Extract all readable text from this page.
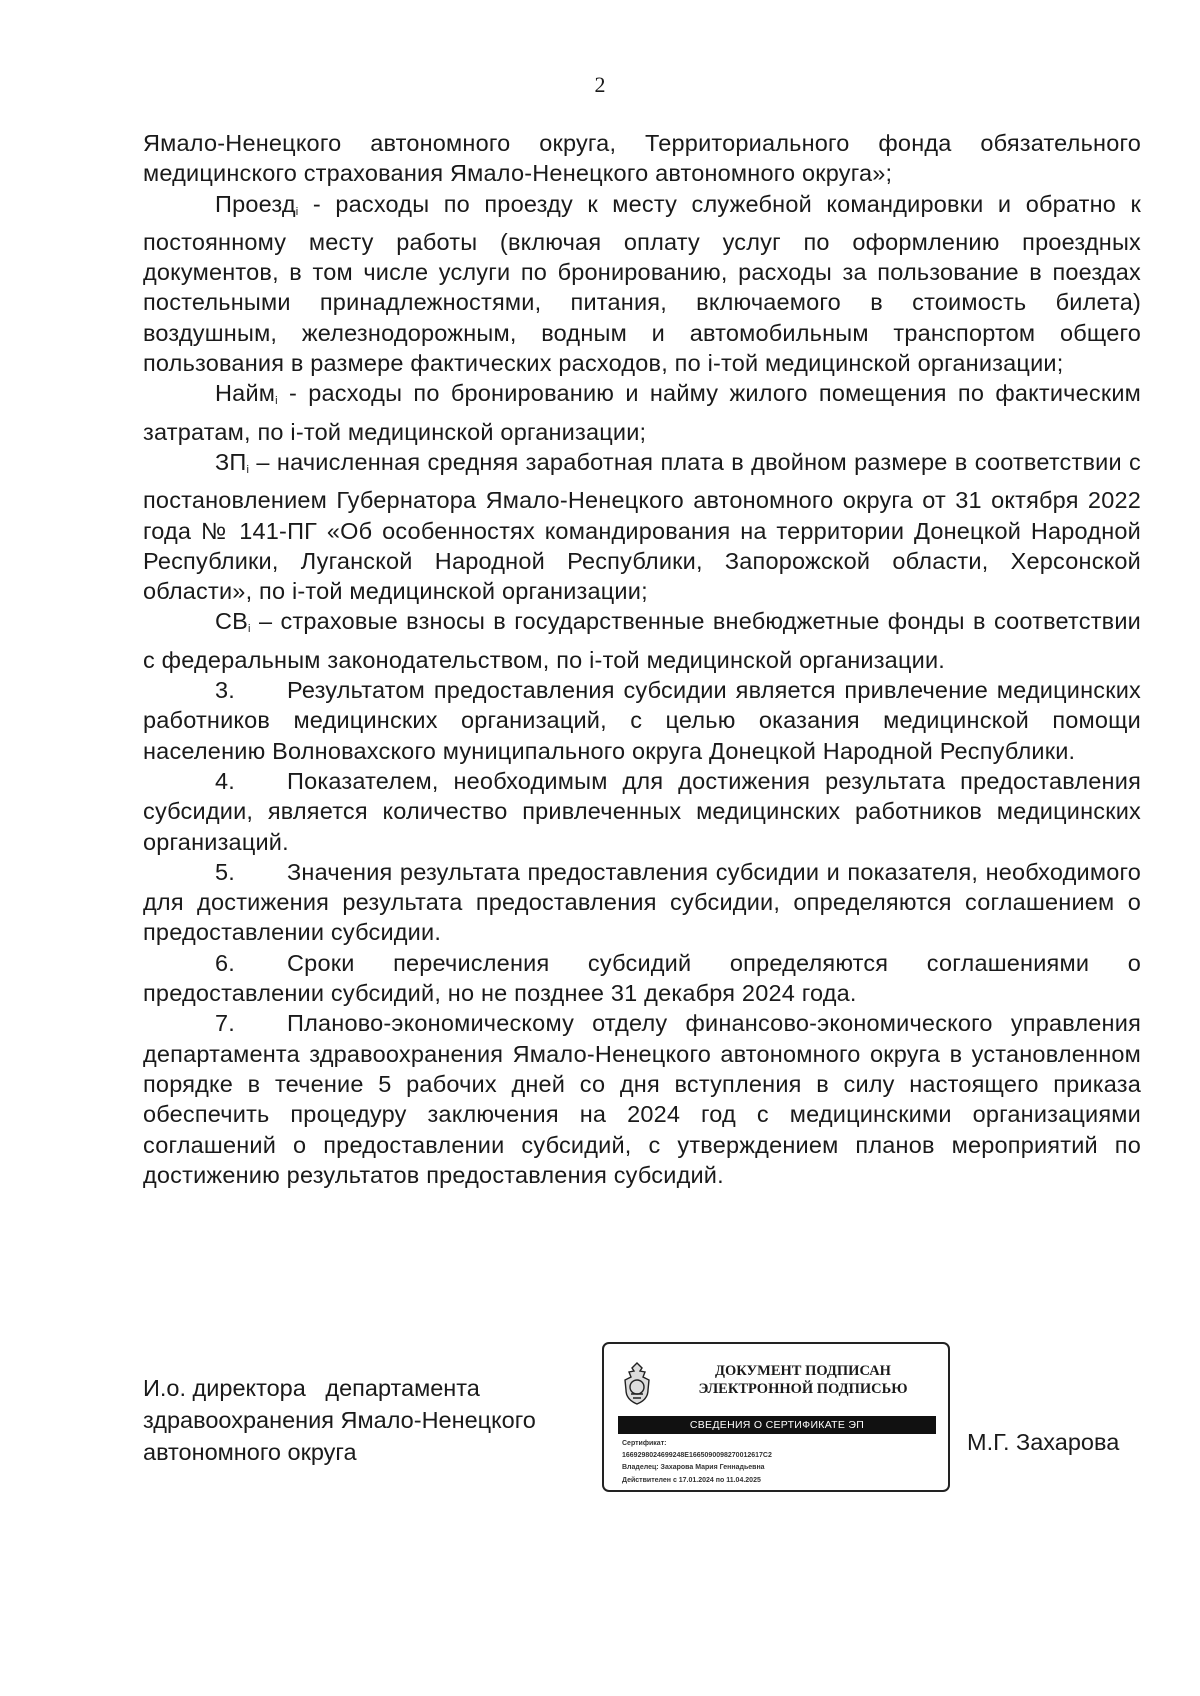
2

Ямало-Ненецкого автономного округа, Территориального фонда обязательного медицинского страхования Ямало-Ненецкого автономного округа»;

Проезд$_i$ - расходы по проезду к месту служебной командировки и обратно к постоянному месту работы (включая оплату услуг по оформлению проездных документов, в том числе услуги по бронированию, расходы за пользование в поездах постельными принадлежностями, питания, включаемого в стоимость билета) воздушным, железнодорожным, водным и автомобильным транспортом общего пользования в размере фактических расходов, по i-той медицинской организации;

Найм$_i$ - расходы по бронированию и найму жилого помещения по фактическим затратам, по i-той медицинской организации;

$ЗП_i$ – начисленная средняя заработная плата в двойном размере в соответствии с постановлением Губернатора Ямало-Ненецкого автономного округа от 31 октября 2022 года № 141-ПГ «Об особенностях командирования на территории Донецкой Народной Республики, Луганской Народной Республики, Запорожской области, Херсонской области», по i-той медицинской организации;

$СВ_i$ – страховые взносы в государственные внебюджетные фонды в соответствии с федеральным законодательством, по i-той медицинской организации.

3. Результатом предоставления субсидии является привлечение медицинских работников медицинских организаций, с целью оказания медицинской помощи населению Волновахского муниципального округа Донецкой Народной Республики.

4. Показателем, необходимым для достижения результата предоставления субсидии, является количество привлеченных медицинских работников медицинских организаций.

5. Значения результата предоставления субсидии и показателя, необходимого для достижения результата предоставления субсидии, определяются соглашением о предоставлении субсидии.

6. Сроки перечисления субсидий определяются соглашениями о предоставлении субсидий, но не позднее 31 декабря 2024 года.

7. Планово-экономическому отделу финансово-экономического управления департамента здравоохранения Ямало-Ненецкого автономного округа в установленном порядке в течение 5 рабочих дней со дня вступления в силу настоящего приказа обеспечить процедуру заключения на 2024 год с медицинскими организациями соглашений о предоставлении субсидий, с утверждением планов мероприятий по достижению результатов предоставления субсидий.

И.о. директора   департамента
здравоохранения Ямало-Ненецкого
автономного округа
ДОКУМЕНТ ПОДПИСАН
ЭЛЕКТРОННОЙ ПОДПИСЬЮ
СВЕДЕНИЯ О СЕРТИФИКАТЕ ЭП
Сертификат:
1669298024699248E1665090098270012617C2
Владелец: Захарова Мария Геннадьевна
Действителен с 17.01.2024 по 11.04.2025
М.Г. Захарова
